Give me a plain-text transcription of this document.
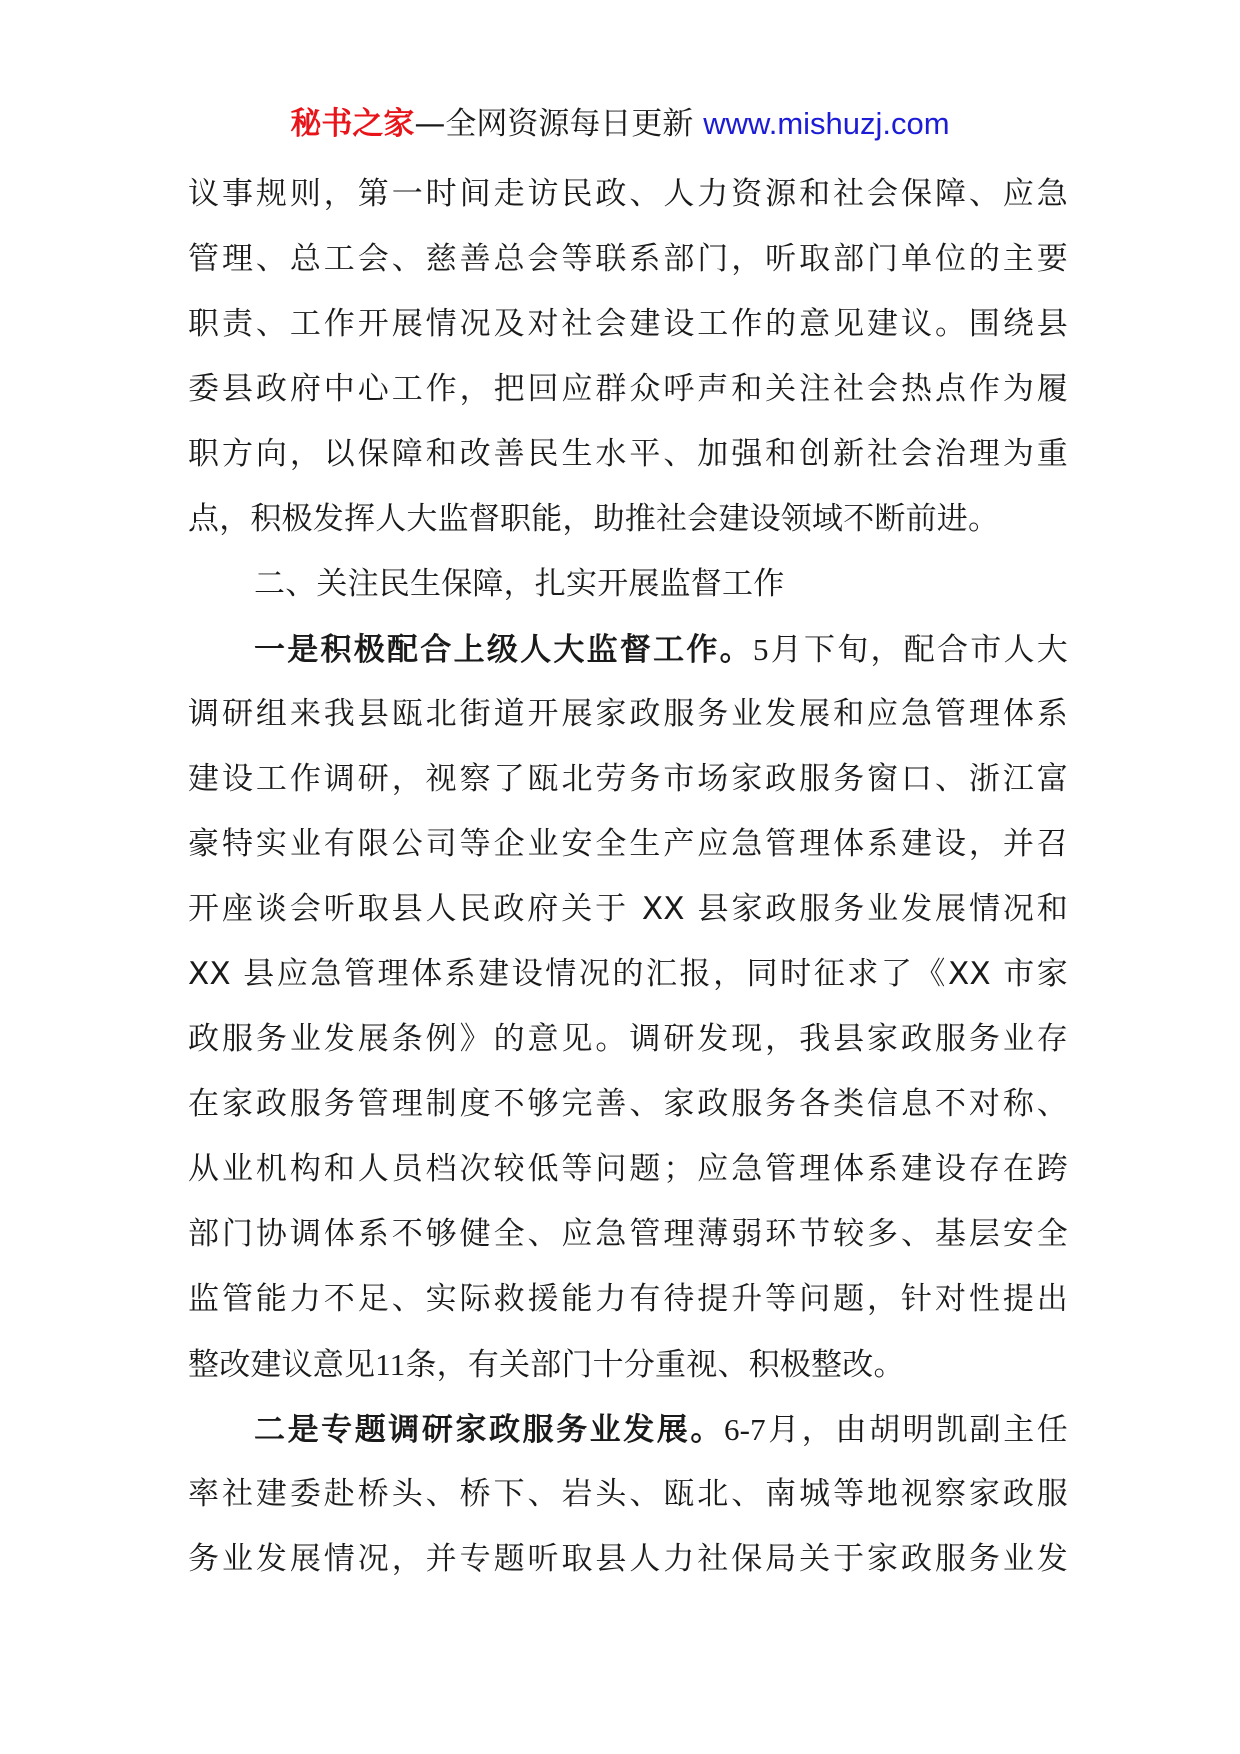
秘书之家—全网资源每日更新 www.mishuzj.com
议事规则，第一时间走访民政、人力资源和社会保障、应急
管理、总工会、慈善总会等联系部门，听取部门单位的主要
职责、工作开展情况及对社会建设工作的意见建议。围绕县
委县政府中心工作，把回应群众呼声和关注社会热点作为履
职方向，以保障和改善民生水平、加强和创新社会治理为重
点，积极发挥人大监督职能，助推社会建设领域不断前进。
二、关注民生保障，扎实开展监督工作
一是积极配合上级人大监督工作。5月下旬，配合市人大
调研组来我县瓯北街道开展家政服务业发展和应急管理体系
建设工作调研，视察了瓯北劳务市场家政服务窗口、浙江富
豪特实业有限公司等企业安全生产应急管理体系建设，并召
开座谈会听取县人民政府关于 XX 县家政服务业发展情况和
XX 县应急管理体系建设情况的汇报，同时征求了《XX 市家
政服务业发展条例》的意见。调研发现，我县家政服务业存
在家政服务管理制度不够完善、家政服务各类信息不对称、
从业机构和人员档次较低等问题；应急管理体系建设存在跨
部门协调体系不够健全、应急管理薄弱环节较多、基层安全
监管能力不足、实际救援能力有待提升等问题，针对性提出
整改建议意见11条，有关部门十分重视、积极整改。
二是专题调研家政服务业发展。6-7月，由胡明凯副主任
率社建委赴桥头、桥下、岩头、瓯北、南城等地视察家政服
务业发展情况，并专题听取县人力社保局关于家政服务业发
